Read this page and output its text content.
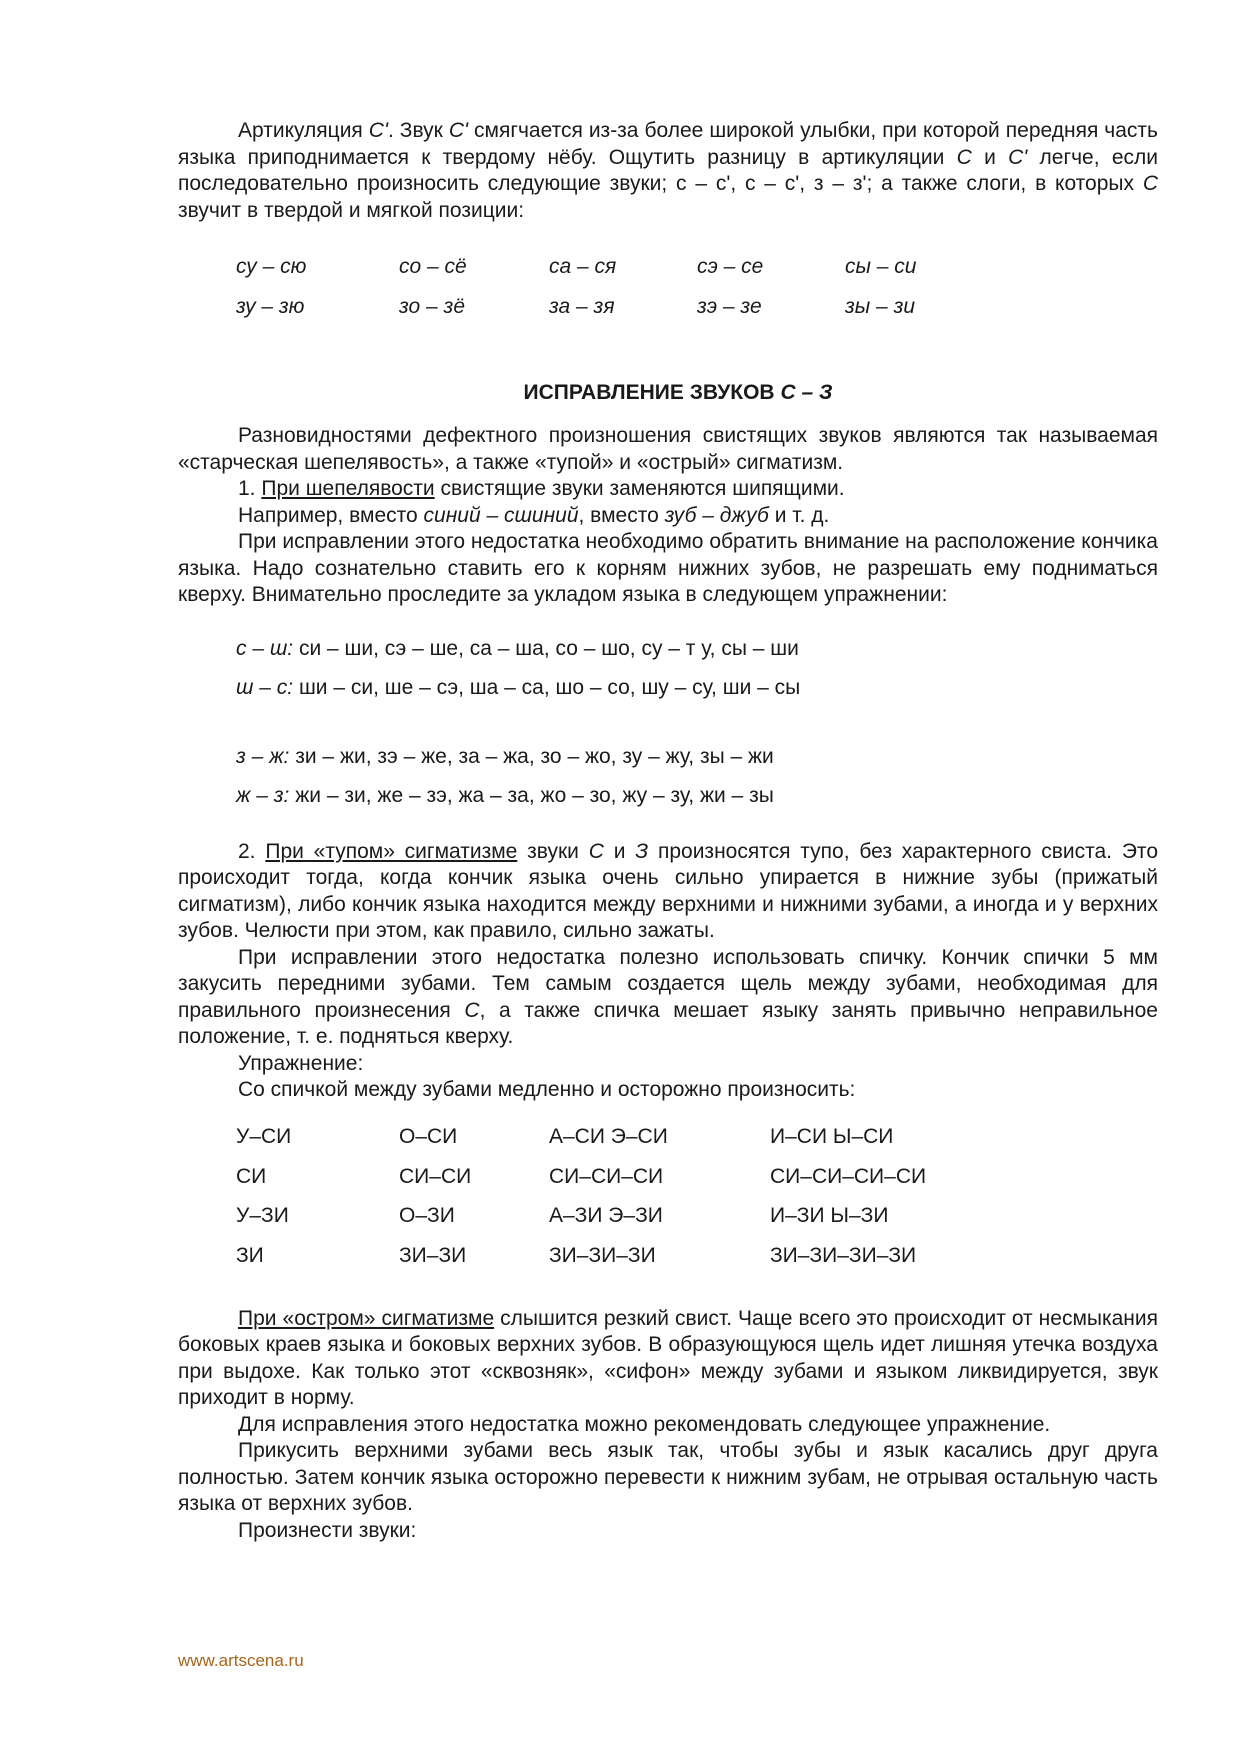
Артикуляция С'. Звук С' смягчается из-за более широкой улыбки, при которой передняя часть языка приподнимается к твердому нёбу. Ощутить разницу в артикуляции С и С' легче, если последовательно произносить следующие звуки; с – с', с – с', з – з'; а также слоги, в которых С звучит в твердой и мягкой позиции:

су – сю	со – сё	са – ся	сэ – се	сы – си
зу – зю	зо – зё	за – зя	зэ – зе	зы – зи
ИСПРАВЛЕНИЕ ЗВУКОВ С – З

Разновидностями дефектного произношения свистящих звуков являются так называемая «старческая шепелявость», а также «тупой» и «острый» сигматизм.

1. При шепелявости свистящие звуки заменяются шипящими.

Например, вместо синий – сшиний, вместо зуб – джуб и т. д.

При исправлении этого недостатка необходимо обратить внимание на расположение кончика языка. Надо сознательно ставить его к корням нижних зубов, не разрешать ему подниматься кверху. Внимательно проследите за укладом языка в следующем упражнении:

с – ш: си – ши, сэ – ше, са – ша, со – шо, су – т у, сы – ши
ш – с: ши – си, ше – сэ, ша – са, шо – со, шу – су, ши – сы
з – ж: зи – жи, зэ – же, за – жа, зо – жо, зу – жу, зы – жи
ж – з: жи – зи, же – зэ, жа – за, жо – зо, жу – зу, жи – зы

2. При «тупом» сигматизме звуки С и З произносятся тупо, без характерного свиста. Это происходит тогда, когда кончик языка очень сильно упирается в нижние зубы (прижатый сигматизм), либо кончик языка находится между верхними и нижними зубами, а иногда и у верхних зубов. Челюсти при этом, как правило, сильно зажаты.

При исправлении этого недостатка полезно использовать спичку. Кончик спички 5 мм закусить передними зубами. Тем самым создается щель между зубами, необходимая для правильного произнесения С, а также спичка мешает языку занять привычно неправильное положение, т. е. подняться кверху.

Упражнение:

Со спичкой между зубами медленно и осторожно произносить:

У–СИ	О–СИ	А–СИ Э–СИ	И–СИ Ы–СИ
СИ	СИ–СИ	СИ–СИ–СИ	СИ–СИ–СИ–СИ
У–ЗИ	О–ЗИ	А–ЗИ Э–ЗИ	И–ЗИ Ы–ЗИ
ЗИ	ЗИ–ЗИ	ЗИ–ЗИ–ЗИ	ЗИ–ЗИ–ЗИ–ЗИ

При «остром» сигматизме слышится резкий свист. Чаще всего это происходит от несмыкания боковых краев языка и боковых верхних зубов. В образующуюся щель идет лишняя утечка воздуха при выдохе. Как только этот «сквозняк», «сифон» между зубами и языком ликвидируется, звук приходит в норму.

Для исправления этого недостатка можно рекомендовать следующее упражнение.

Прикусить верхними зубами весь язык так, чтобы зубы и язык касались друг друга полностью. Затем кончик языка осторожно перевести к нижним зубам, не отрывая остальную часть языка от верхних зубов.

Произнести звуки:

www.artscena.ru
